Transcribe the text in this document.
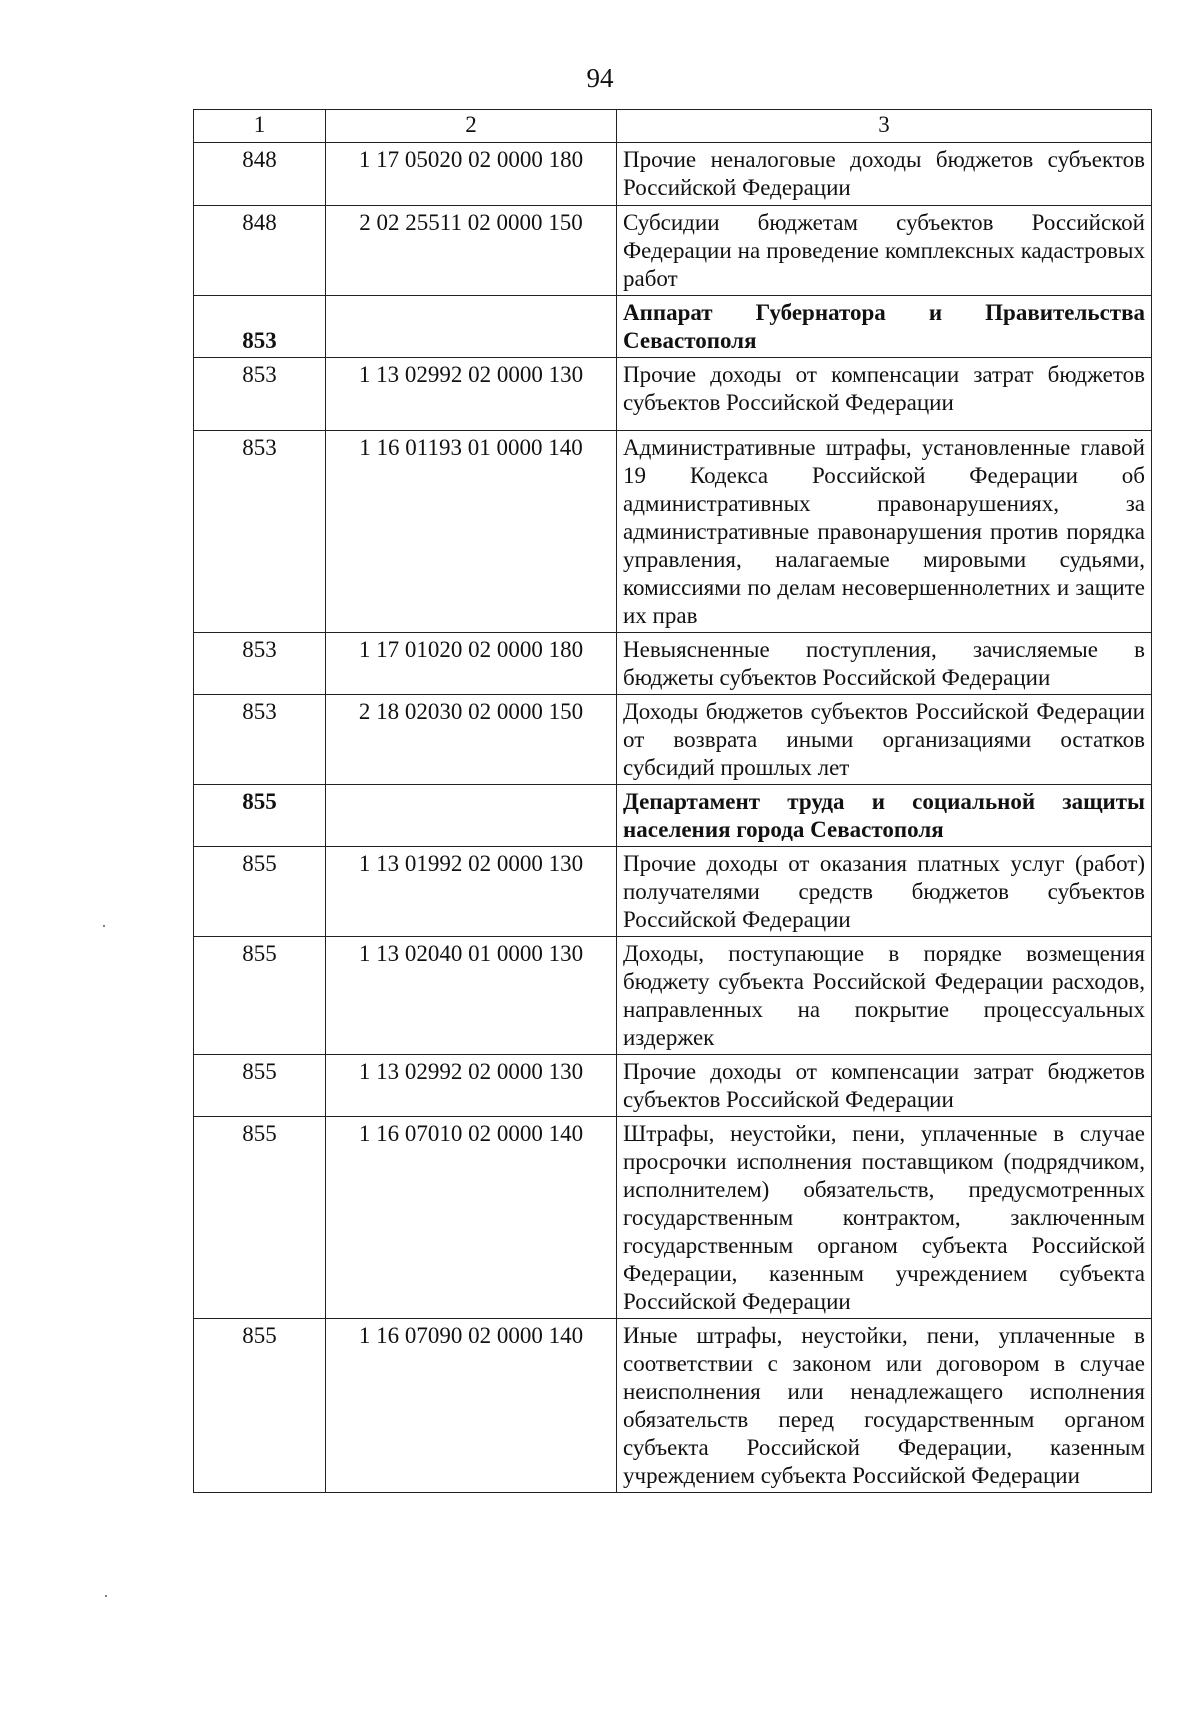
94
1	2	3
848	1 17 05020 02 0000 180	Прочие неналоговые доходы бюджетов субъектов Российской Федерации
848	2 02 25511 02 0000 150	Субсидии бюджетам субъектов Российской Федерации на проведение комплексных кадастровых работ
853		Аппарат Губернатора и Правительства Севастополя
853	1 13 02992 02 0000 130	Прочие доходы от компенсации затрат бюджетов субъектов Российской Федерации
853	1 16 01193 01 0000 140	Административные штрафы, установленные главой 19 Кодекса Российской Федерации об административных правонарушениях, за административные правонарушения против порядка управления, налагаемые мировыми судьями, комиссиями по делам несовершеннолетних и защите их прав
853	1 17 01020 02 0000 180	Невыясненные поступления, зачисляемые в бюджеты субъектов Российской Федерации
853	2 18 02030 02 0000 150	Доходы бюджетов субъектов Российской Федерации от возврата иными организациями остатков субсидий прошлых лет
855		Департамент труда и социальной защиты населения города Севастополя
855	1 13 01992 02 0000 130	Прочие доходы от оказания платных услуг (работ) получателями средств бюджетов субъектов Российской Федерации
855	1 13 02040 01 0000 130	Доходы, поступающие в порядке возмещения бюджету субъекта Российской Федерации расходов, направленных на покрытие процессуальных издержек
855	1 13 02992 02 0000 130	Прочие доходы от компенсации затрат бюджетов субъектов Российской Федерации
855	1 16 07010 02 0000 140	Штрафы, неустойки, пени, уплаченные в случае просрочки исполнения поставщиком (подрядчиком, исполнителем) обязательств, предусмотренных государственным контрактом, заключенным государственным органом субъекта Российской Федерации, казенным учреждением субъекта Российской Федерации
855	1 16 07090 02 0000 140	Иные штрафы, неустойки, пени, уплаченные в соответствии с законом или договором в случае неисполнения или ненадлежащего исполнения обязательств перед государственным органом субъекта Российской Федерации, казенным учреждением субъекта Российской Федерации
